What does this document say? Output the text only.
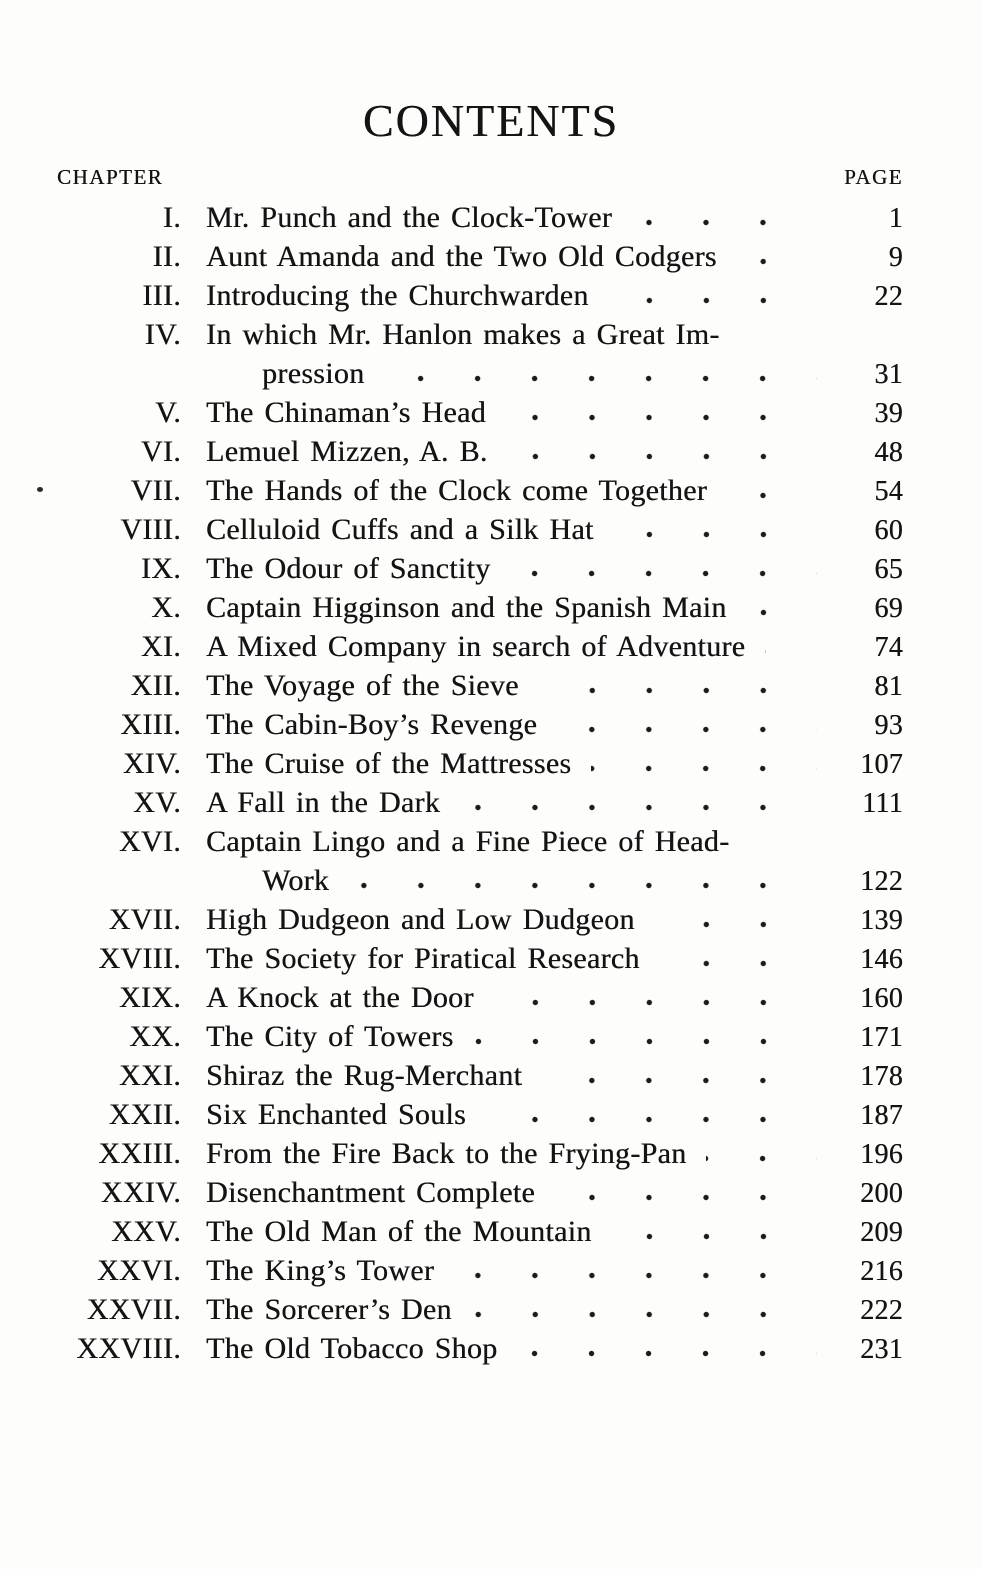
CONTENTS
CHAPTER	PAGE
I. Mr. Punch and the Clock-Tower	1
II. Aunt Amanda and the Two Old Codgers	9
III. Introducing the Churchwarden	22
IV. In which Mr. Hanlon makes a Great Im-
pression	31
V. The Chinaman’s Head	39
VI. Lemuel Mizzen, A. B.	48
VII. The Hands of the Clock come Together	54
VIII. Celluloid Cuffs and a Silk Hat	60
IX. The Odour of Sanctity	65
X. Captain Higginson and the Spanish Main	69
XI. A Mixed Company in search of Adventure	74
XII. The Voyage of the Sieve	81
XIII. The Cabin-Boy’s Revenge	93
XIV. The Cruise of the Mattresses	107
XV. A Fall in the Dark	111
XVI. Captain Lingo and a Fine Piece of Head-
Work	122
XVII. High Dudgeon and Low Dudgeon	139
XVIII. The Society for Piratical Research	146
XIX. A Knock at the Door	160
XX. The City of Towers	171
XXI. Shiraz the Rug-Merchant	178
XXII. Six Enchanted Souls	187
XXIII. From the Fire Back to the Frying-Pan	196
XXIV. Disenchantment Complete	200
XXV. The Old Man of the Mountain	209
XXVI. The King’s Tower	216
XXVII. The Sorcerer’s Den	222
XXVIII. The Old Tobacco Shop	231
